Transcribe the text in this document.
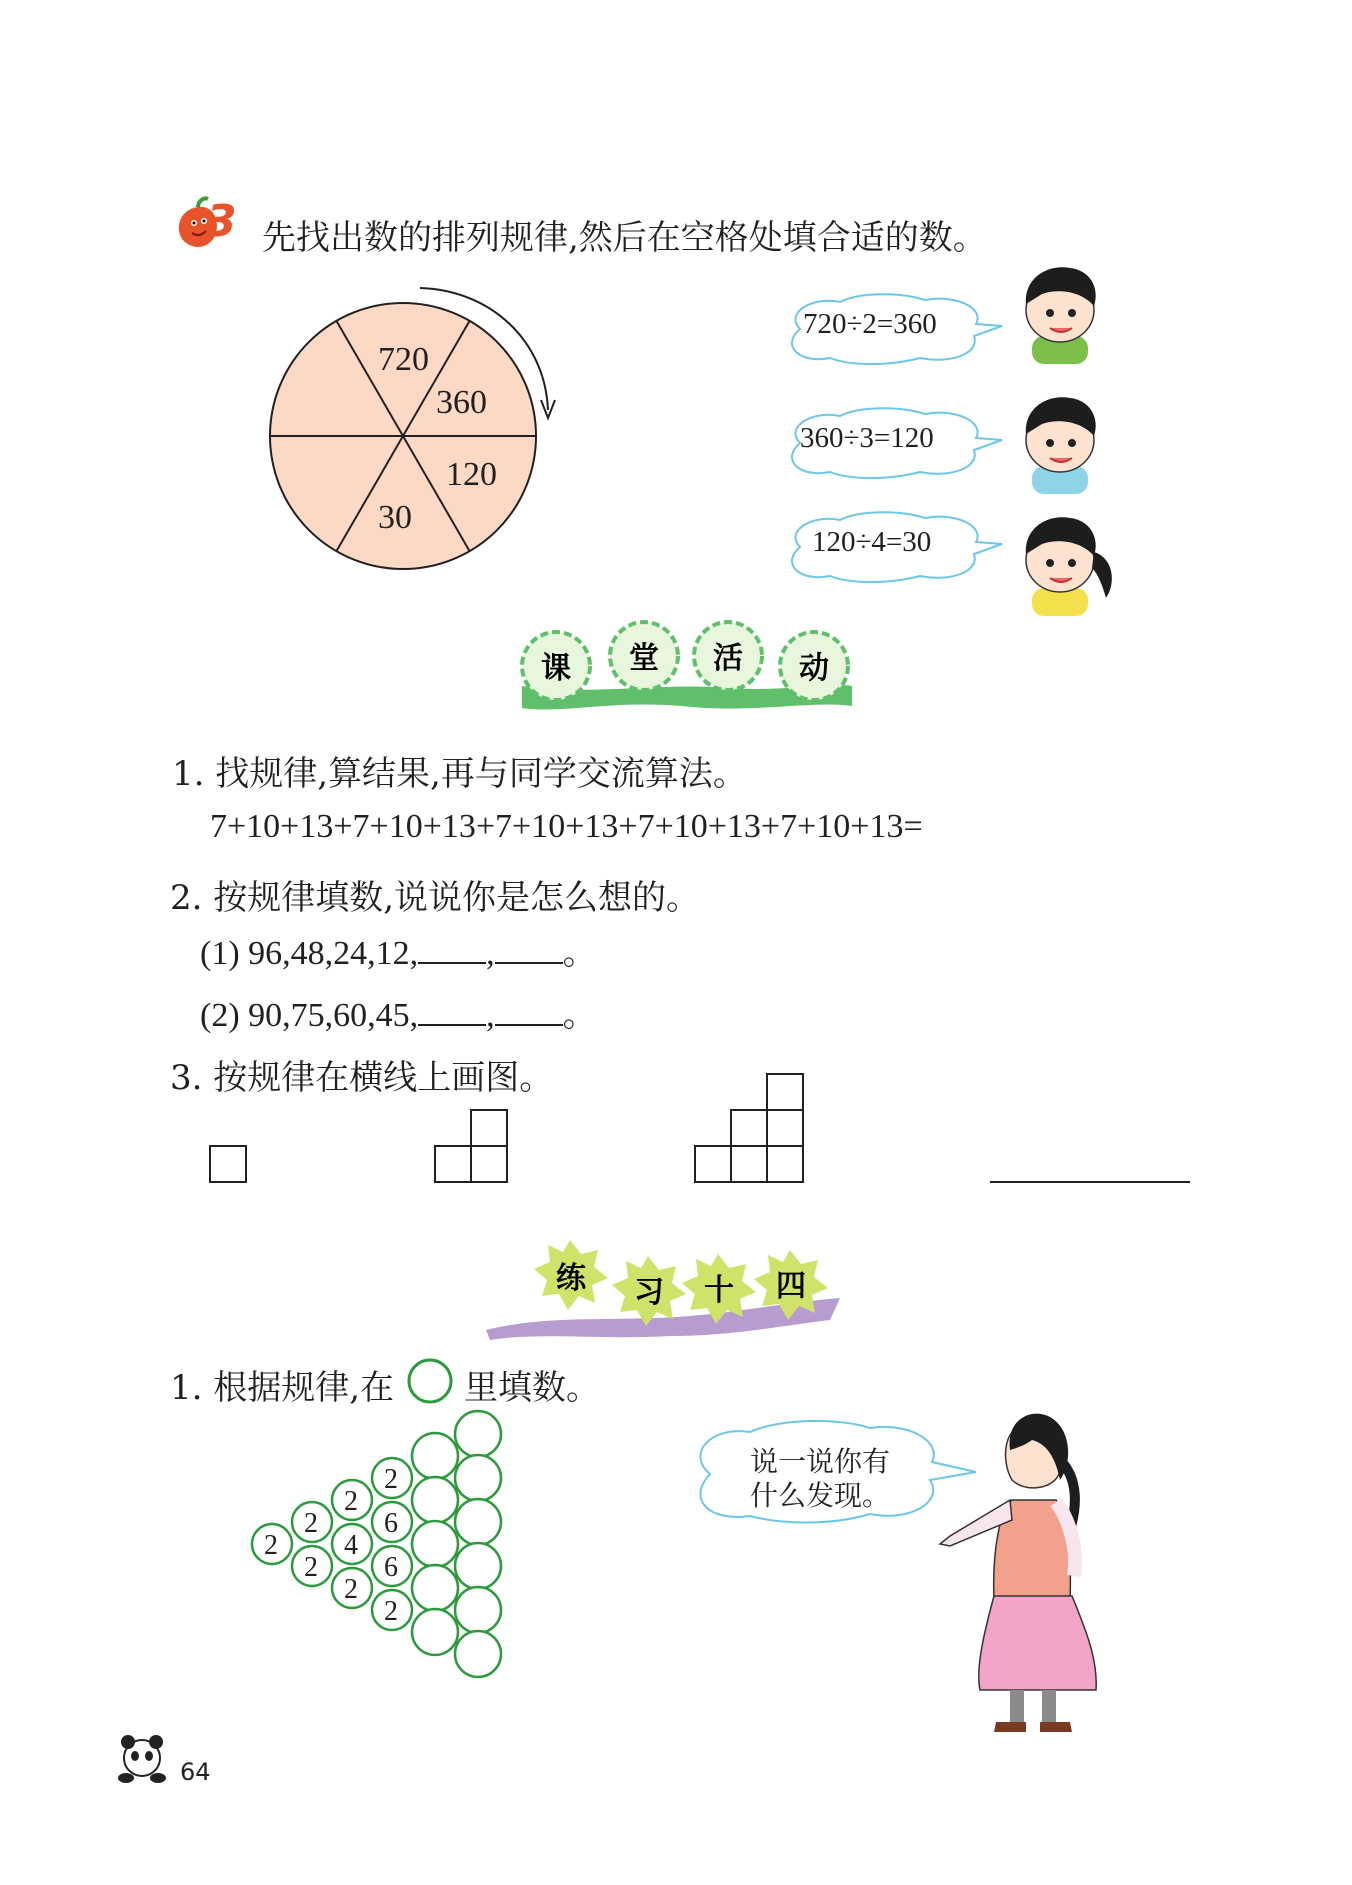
3 先找出数的排列规律,然后在空格处填合适的数。
720
360
120
30
720÷2=360
360÷3=120
120÷4=30
课 堂 活 动
1. 找规律,算结果,再与同学交流算法。
7+10+13+7+10+13+7+10+13+7+10+13+7+10+13=
2. 按规律填数,说说你是怎么想的。
(1) 96,48,24,12, , 。
(2) 90,75,60,45, , 。
3. 按规律在横线上画图。
练 习 十 四
1. 根据规律,在 里填数。
2
2
2
2
4
2
2
6
6
2
说一说你有
什么发现。
64
